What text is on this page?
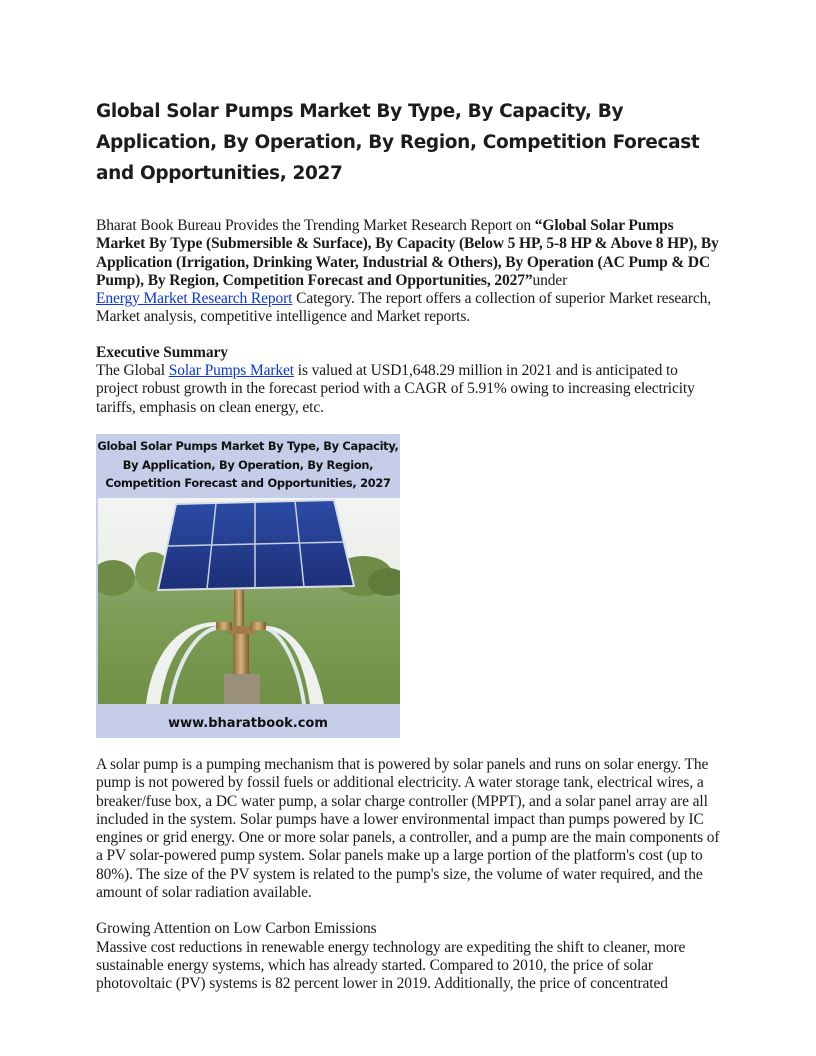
Global Solar Pumps Market By Type, By Capacity, By Application, By Operation, By Region, Competition Forecast and Opportunities, 2027

Bharat Book Bureau Provides the Trending Market Research Report on “Global Solar Pumps Market By Type (Submersible & Surface), By Capacity (Below 5 HP, 5-8 HP & Above 8 HP), By Application (Irrigation, Drinking Water, Industrial & Others), By Operation (AC Pump & DC Pump), By Region, Competition Forecast and Opportunities, 2027”under
Energy Market Research Report Category. The report offers a collection of superior Market research, Market analysis, competitive intelligence and Market reports.

Executive Summary

The Global Solar Pumps Market is valued at USD1,648.29 million in 2021 and is anticipated to project robust growth in the forecast period with a CAGR of 5.91% owing to increasing electricity tariffs, emphasis on clean energy, etc.

Global Solar Pumps Market By Type, By Capacity, By Application, By Operation, By Region, Competition Forecast and Opportunities, 2027
www.bharatbook.com

A solar pump is a pumping mechanism that is powered by solar panels and runs on solar energy. The pump is not powered by fossil fuels or additional electricity. A water storage tank, electrical wires, a breaker/fuse box, a DC water pump, a solar charge controller (MPPT), and a solar panel array are all included in the system. Solar pumps have a lower environmental impact than pumps powered by IC engines or grid energy. One or more solar panels, a controller, and a pump are the main components of a PV solar-powered pump system. Solar panels make up a large portion of the platform's cost (up to 80%). The size of the PV system is related to the pump's size, the volume of water required, and the amount of solar radiation available.

Growing Attention on Low Carbon Emissions

Massive cost reductions in renewable energy technology are expediting the shift to cleaner, more sustainable energy systems, which has already started. Compared to 2010, the price of solar photovoltaic (PV) systems is 82 percent lower in 2019. Additionally, the price of concentrated
